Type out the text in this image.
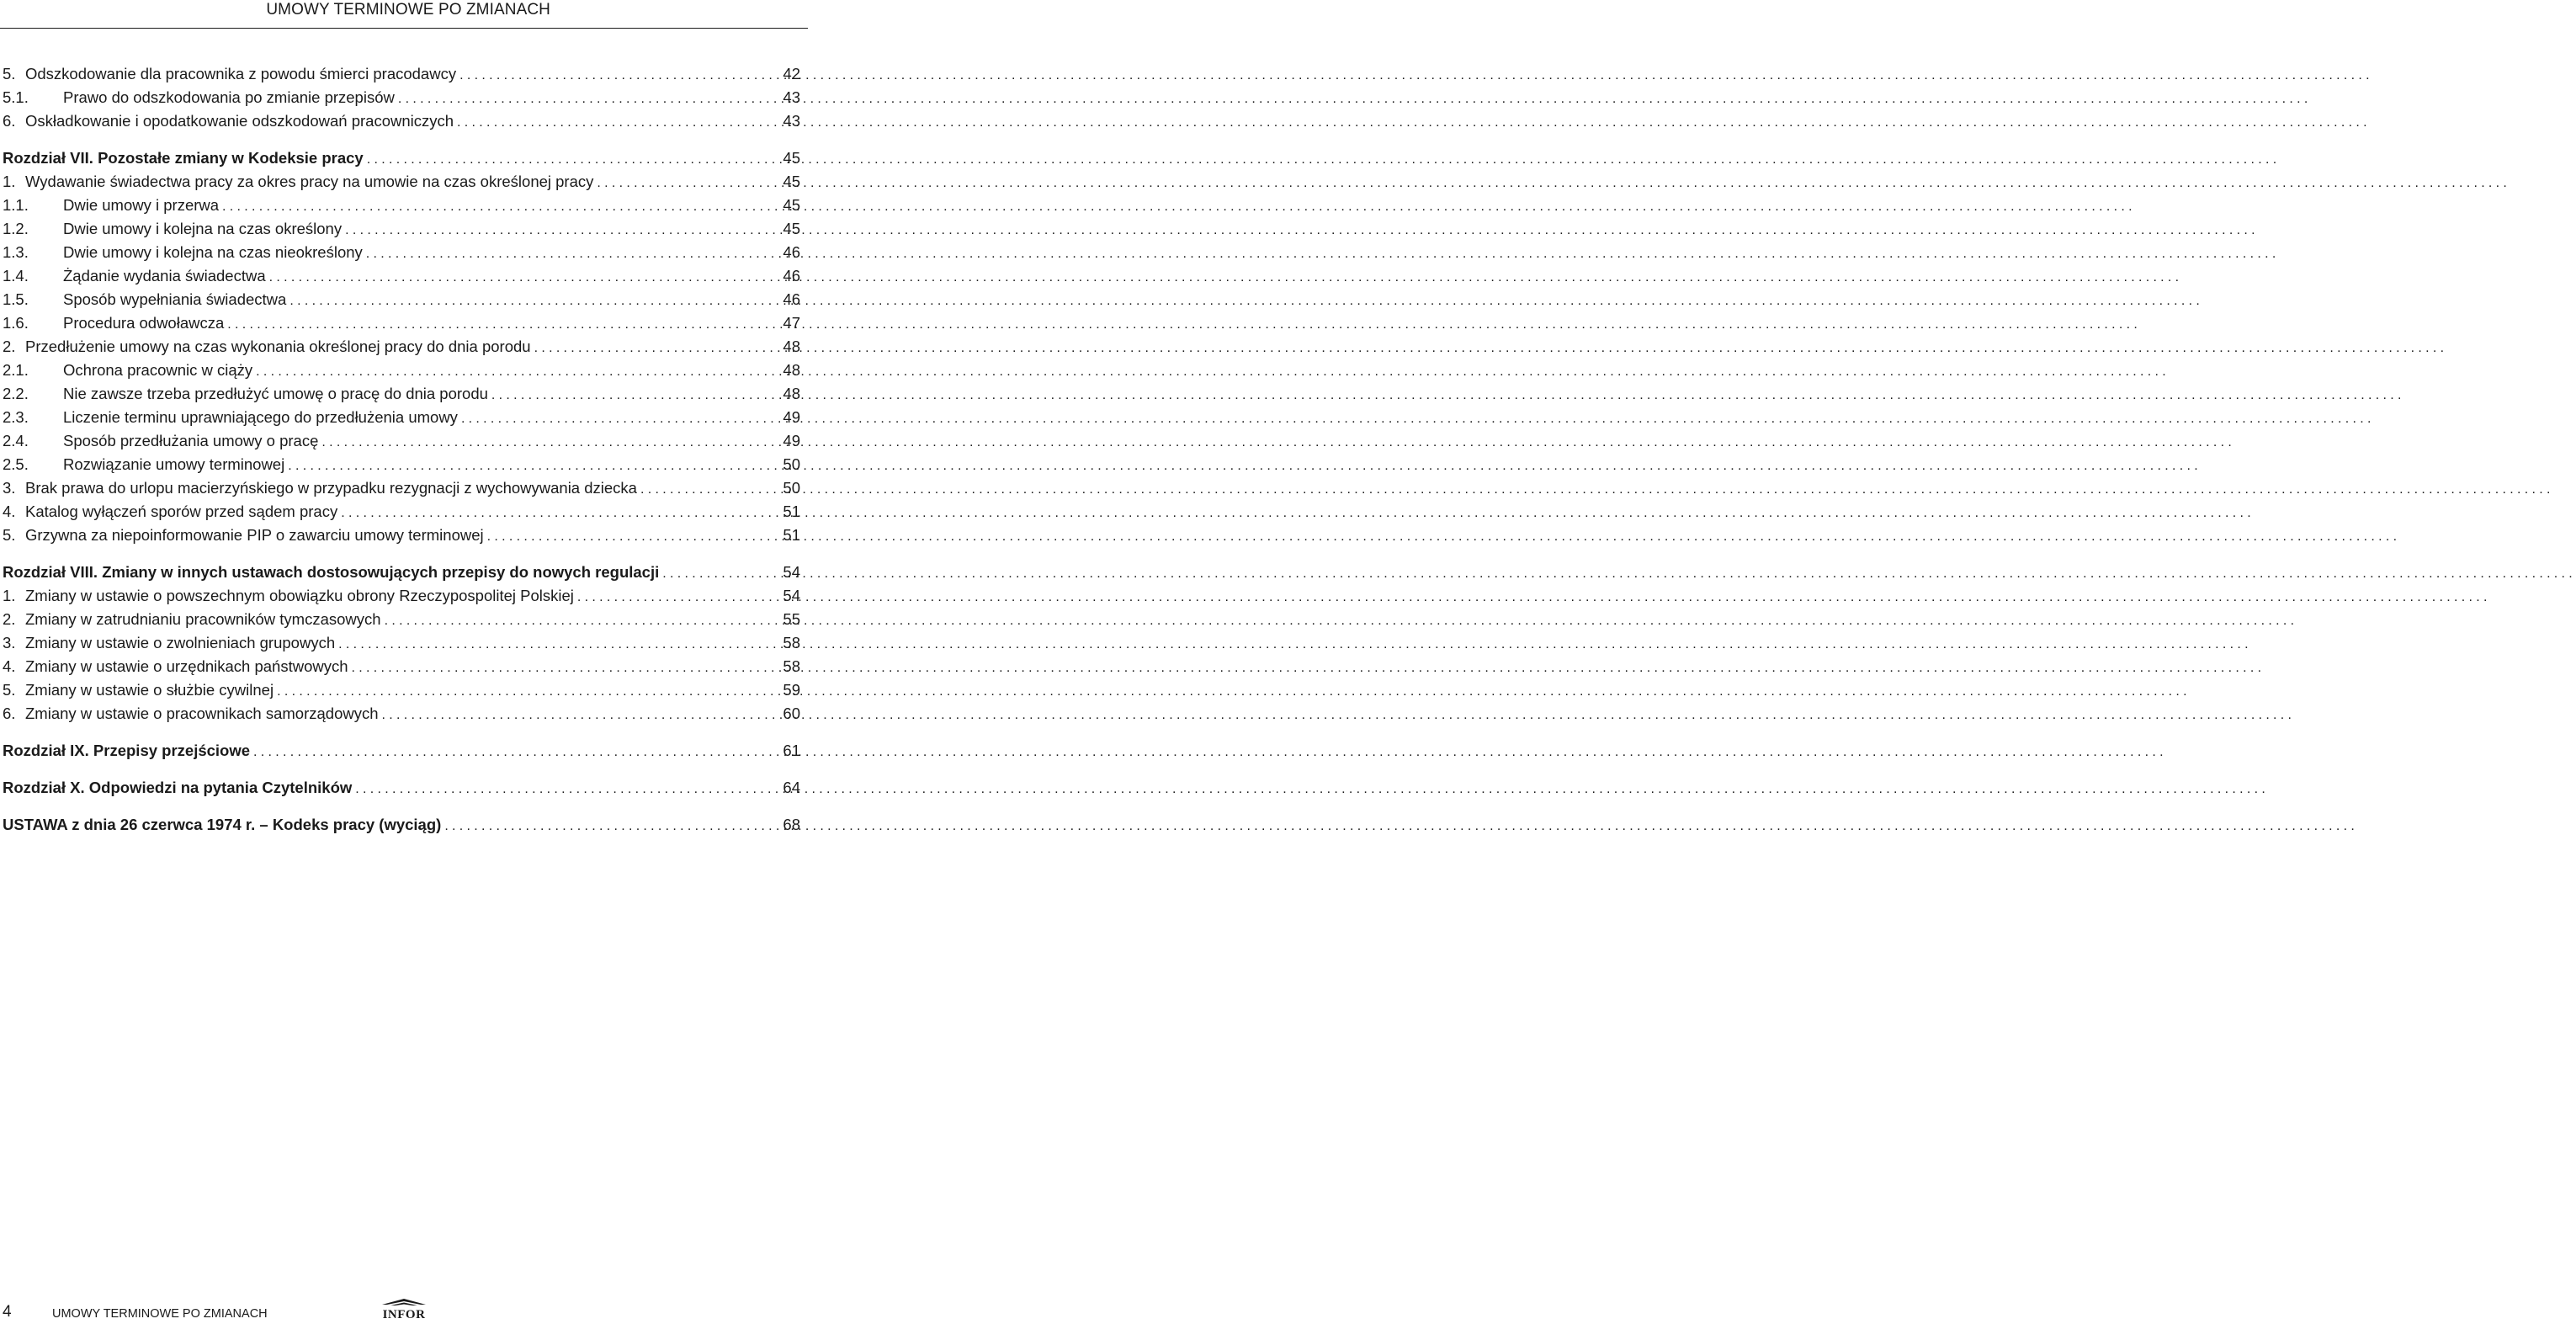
UMOWY TERMINOWE PO ZMIANACH
5. Odszkodowanie dla pracownika z powodu śmierci pracodawcy .....	42
5.1.	Prawo do odszkodowania po zmianie przepisów .....	43
6. Oskładkowanie i opodatkowanie odszkodowań pracowniczych .....	43
Rozdział VII. Pozostałe zmiany w Kodeksie pracy .....	45
1. Wydawanie świadectwa pracy za okres pracy na umowie na czas określonej pracy .....	45
1.1.	Dwie umowy i przerwa .....	45
1.2.	Dwie umowy i kolejna na czas określony .....	45
1.3.	Dwie umowy i kolejna na czas nieokreślony .....	46
1.4.	Żądanie wydania świadectwa .....	46
1.5.	Sposób wypełniania świadectwa .....	46
1.6.	Procedura odwoławcza .....	47
2. Przedłużenie umowy na czas wykonania określonej pracy do dnia porodu .....	48
2.1.	Ochrona pracownic w ciąży .....	48
2.2.	Nie zawsze trzeba przedłużyć umowę o pracę do dnia porodu .....	48
2.3.	Liczenie terminu uprawniającego do przedłużenia umowy .....	49
2.4.	Sposób przedłużania umowy o pracę .....	49
2.5.	Rozwiązanie umowy terminowej .....	50
3. Brak prawa do urlopu macierzyńskiego w przypadku rezygnacji z wychowywania dziecka .....	50
4. Katalog wyłączeń sporów przed sądem pracy .....	51
5. Grzywna za niepoinformowanie PIP o zawarciu umowy terminowej .....	51
Rozdział VIII. Zmiany w innych ustawach dostosowujących przepisy do nowych regulacji .....	54
1. Zmiany w ustawie o powszechnym obowiązku obrony Rzeczypospolitej Polskiej .....	54
2. Zmiany w zatrudnianiu pracowników tymczasowych .....	55
3. Zmiany w ustawie o zwolnieniach grupowych .....	58
4. Zmiany w ustawie o urzędnikach państwowych .....	58
5. Zmiany w ustawie o służbie cywilnej .....	59
6. Zmiany w ustawie o pracownikach samorządowych .....	60
Rozdział IX. Przepisy przejściowe .....	61
Rozdział X. Odpowiedzi na pytania Czytelników .....	64
USTAWA z dnia 26 czerwca 1974 r. – Kodeks pracy (wyciąg) .....	68
4	UMOWY TERMINOWE PO ZMIANACH	INFOR
